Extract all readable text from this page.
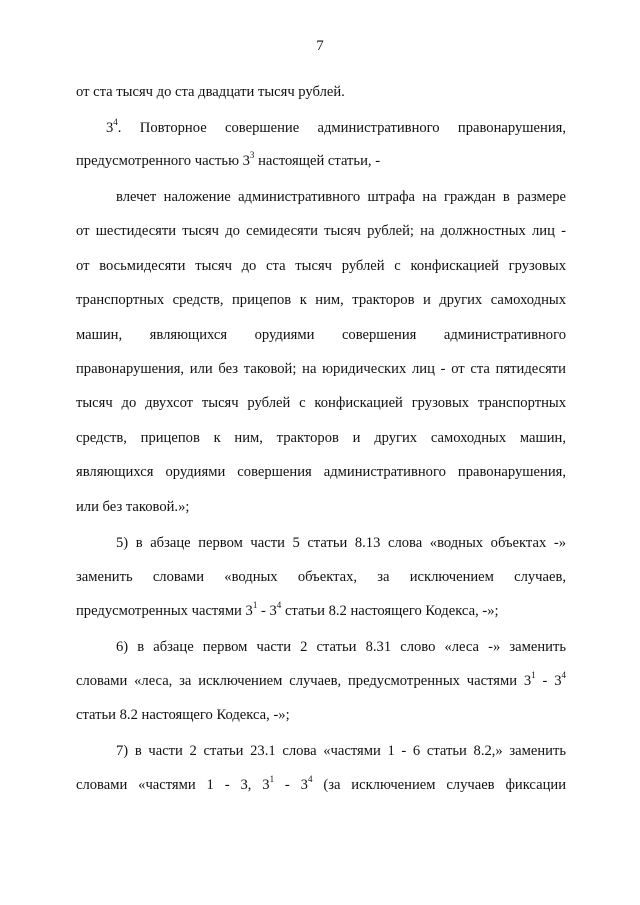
7

от ста тысяч до ста двадцати тысяч рублей.

$3^4$. Повторное совершение административного правонарушения,

предусмотренного частью $3^3$ настоящей статьи, -

влечет наложение административного штрафа на граждан в размере

от шестидесяти тысяч до семидесяти тысяч рублей; на должностных лиц -

от восьмидесяти тысяч до ста тысяч рублей с конфискацией грузовых

транспортных средств, прицепов к ним, тракторов и других самоходных

машин, являющихся орудиями совершения административного

правонарушения, или без таковой; на юридических лиц - от ста пятидесяти

тысяч до двухсот тысяч рублей с конфискацией грузовых транспортных

средств, прицепов к ним, тракторов и других самоходных машин,

являющихся орудиями совершения административного правонарушения,

или без таковой.»;

5) в абзаце первом части 5 статьи 8.13 слова «водных объектах -»

заменить словами «водных объектах, за исключением случаев,

предусмотренных частями $3^1 - 3^4$ статьи 8.2 настоящего Кодекса, -»;

6) в абзаце первом части 2 статьи 8.31 слово «леса -» заменить

словами «леса, за исключением случаев, предусмотренных частями $3^1 - 3^4$

статьи 8.2 настоящего Кодекса, -»;

7) в части 2 статьи 23.1 слова «частями 1 - 6 статьи 8.2,» заменить

словами «частями 1 - 3, $3^1 - 3^4$ (за исключением случаев фиксации
